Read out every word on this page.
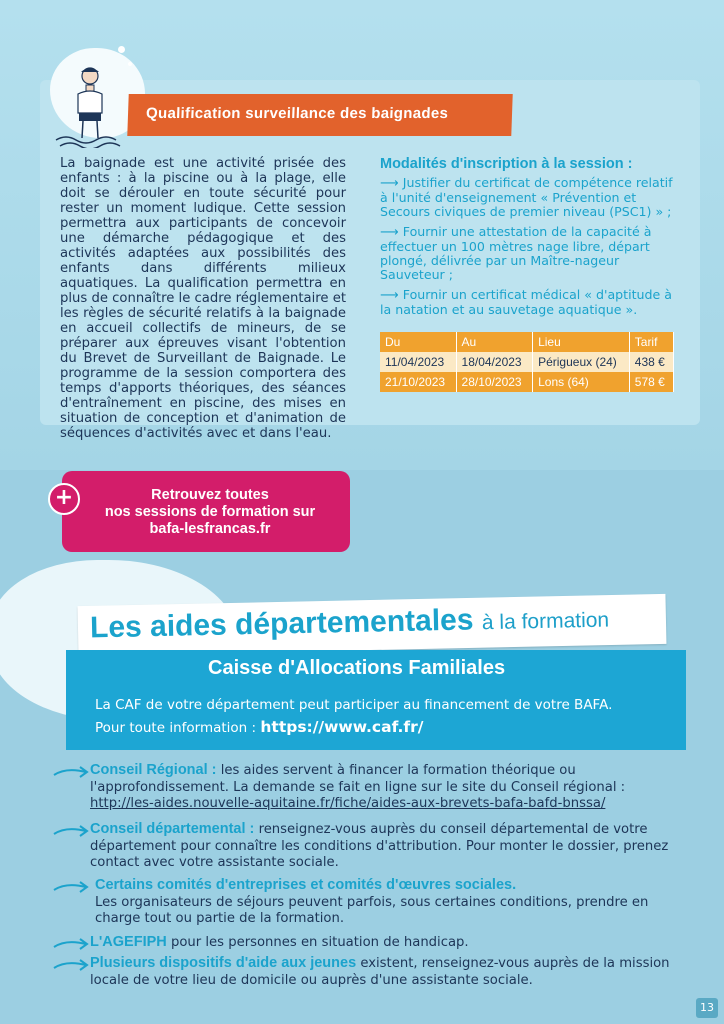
Qualification surveillance des baignades

La baignade est une activité prisée des enfants : à la piscine ou à la plage, elle doit se dérouler en toute sécurité pour rester un moment ludique. Cette session permettra aux participants de concevoir une démarche pédagogique et des activités adaptées aux possibilités des enfants dans différents milieux aquatiques. La qualification permettra en plus de connaître le cadre réglementaire et les règles de sécurité relatifs à la baignade en accueil collectifs de mineurs, de se préparer aux épreuves visant l'obtention du Brevet de Surveillant de Baignade. Le programme de la session comportera des temps d'apports théoriques, des séances d'entraînement en piscine, des mises en situation de conception et d'animation de séquences d'activités avec et dans l'eau.

Modalités d'inscription à la session :

⟶ Justifier du certificat de compétence relatif à l'unité d'enseignement « Prévention et Secours civiques de premier niveau (PSC1) » ;

⟶ Fournir une attestation de la capacité à effectuer un 100 mètres nage libre, départ plongé, délivrée par un Maître-nageur Sauveteur ;

⟶ Fournir un certificat médical « d'aptitude à la natation et au sauvetage aquatique ».

Du	Au	Lieu	Tarif
11/04/2023	18/04/2023	Périgueux (24)	438 €
21/10/2023	28/10/2023	Lons (64)	578 €
+	Retrouvez toutes
nos sessions de formation sur
bafa-lesfrancas.fr
Les aides départementales à la formation
Caisse d'Allocations Familiales
La CAF de votre département peut participer au financement de votre BAFA.
Pour toute information : https://www.caf.fr/

Conseil Régional : les aides servent à financer la formation théorique ou l'approfondissement. La demande se fait en ligne sur le site du Conseil régional :
http://les-aides.nouvelle-aquitaine.fr/fiche/aides-aux-brevets-bafa-bafd-bnssa/

Conseil départemental : renseignez-vous auprès du conseil départemental de votre département pour connaître les conditions d'attribution. Pour monter le dossier, prenez contact avec votre assistante sociale.

Certains comités d'entreprises et comités d'œuvres sociales.
Les organisateurs de séjours peuvent parfois, sous certaines conditions, prendre en charge tout ou partie de la formation.

L'AGEFIPH pour les personnes en situation de handicap.

Plusieurs dispositifs d'aide aux jeunes existent, renseignez-vous auprès de la mission locale de votre lieu de domicile ou auprès d'une assistante sociale.

13
